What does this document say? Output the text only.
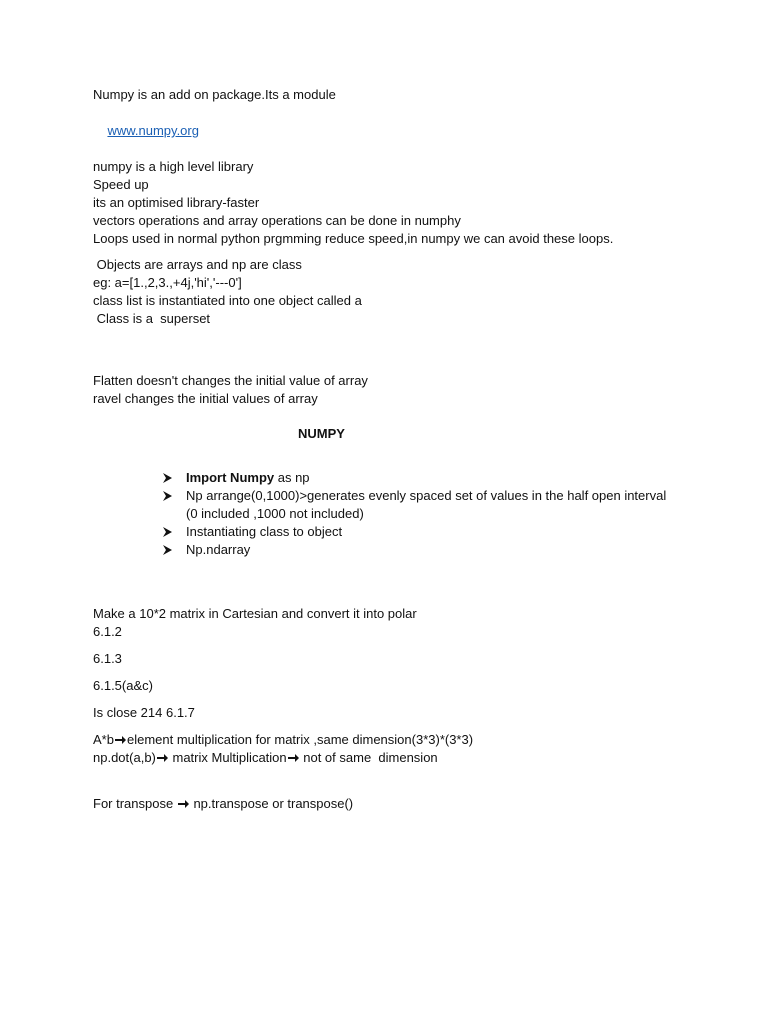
Numpy is an add on package.Its a module

www.numpy.org

numpy is a high level library
Speed up
its an optimised library-faster
vectors operations and array operations can be done in numphy
Loops used in normal python prgmming reduce speed,in numpy we can avoid these loops.
Objects are arrays and np are class
eg: a=[1.,2,3.,+4j,'hi','---0']
class list is instantiated into one object called a
Class is a  superset
Flatten doesn't changes the initial value of array
ravel changes the initial values of array
NUMPY
Import Numpy as np
Np arrange(0,1000)>generates evenly spaced set of values in the half open interval
(0 included ,1000 not included)
Instantiating class to object
Np.ndarray
Make a 10*2 matrix in Cartesian and convert it into polar
6.1.2
6.1.3
6.1.5(a&c)
Is close 214 6.1.7
A*b element multiplication for matrix ,same dimension(3*3)*(3*3)
np.dot(a,b)
matrix Multiplication
not of same  dimension
For transpose
np.transpose or transpose()
